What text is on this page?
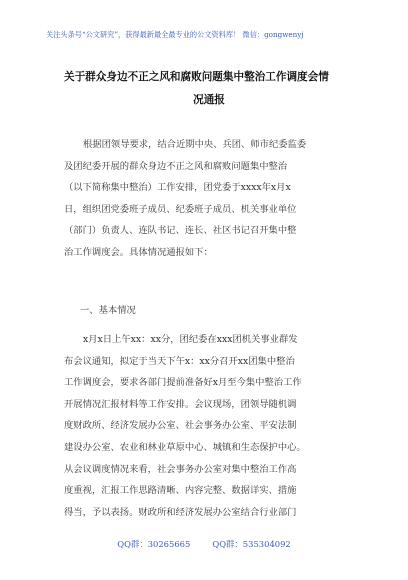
关注头条号“公文研究”，获得最新最全最专业的公文资料库！ 微信：gongwenyj
关于群众身边不正之风和腐败问题集中整治工作调度会情
况通报
根据团领导要求，结合近期中央、兵团、师市纪委监委
及团纪委开展的群众身边不正之风和腐败问题集中整治
（以下简称集中整治）工作安排，团党委于xxxx年x月x
日，组织团党委班子成员、纪委班子成员、机关事业单位
（部门）负责人、连队书记、连长、社区书记召开集中整
治工作调度会。具体情况通报如下：
一、基本情况
x月x日上午xx：xx分，团纪委在xxx团机关事业群发
布会议通知，拟定于当天下午x：xx分召开xx团集中整治
工作调度会，要求各部门提前准备好x月至今集中整治工作
开展情况汇报材料等工作安排。会议现场，团领导随机调
度财政所、经济发展办公室、社会事务办公室、平安法制
建设办公室、农业和林业草原中心、城镇和生态保护中心。
从会议调度情况来看，社会事务办公室对集中整治工作高
度重视，汇报工作思路清晰、内容完整、数据详实、措施
得当，予以表扬。财政所和经济发展办公室结合行业部门
QQ群：30265665	QQ群：535304092
